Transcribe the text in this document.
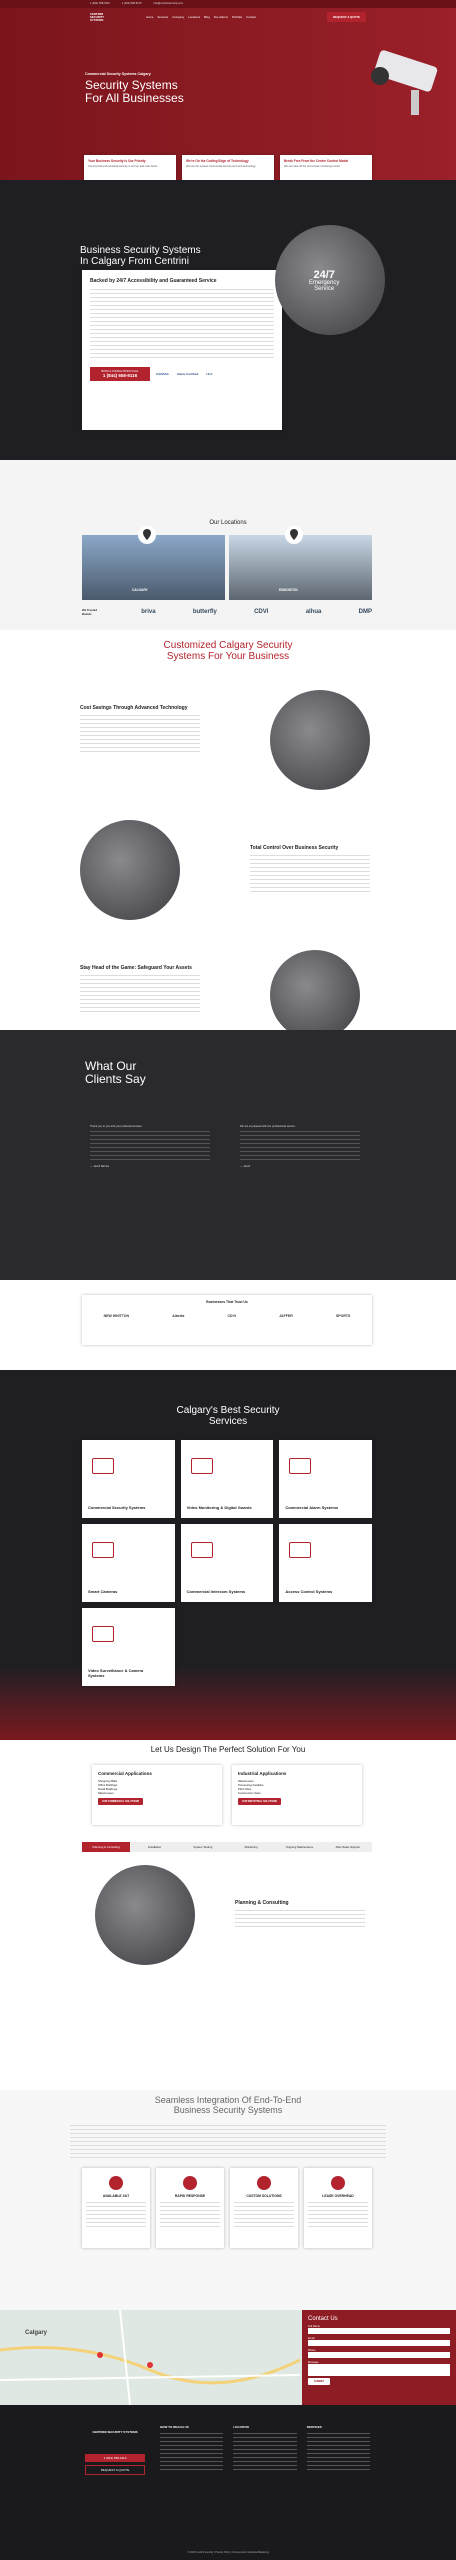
1 (844) 658-9116	1 (403) 808-8178	info@centrinisecurity.com
CENTRINI SECURITY SYSTEMS
Home Services Company Locations Blog Fire Alarms Portfolio Contact	REQUEST A QUOTE
Commercial Security Systems Calgary
Security Systems
For All Businesses
Your Business Security Is Our Priority
Commercial and industrial security is our top and main focus.
We're On the Cutting Edge of Technology
We use the newest commercial security tech and technology.
Break Free From the Centre Control Model
We can take off the old central monitoring model.
Business Security Systems
In Calgary From Centrini
Backed by 24/7 Accessibility and Guaranteed Service
BOOK A CONSULTATION CALL
1 (844) 658-9116	CANASA	Alarm Certified	ULC
24/7
Emergency
Service
Our Locations
CALGARY	EDMONTON
We Trusted Brands	briva	butterfly	CDVI	alhua	DMP
Customized Calgary Security
Systems For Your Business
Cost Savings Through Advanced Technology
Total Control Over Business Security
Stay Head of the Game: Safeguard Your Assets
What Our
Clients Say
Thank you to you and your professional team.
— Jacob Barnes
We are so pleased with the professional service.
— Jacob
Businesses That Trust Us
NEW WHITTON	Alberta	CDVI	JAFFER	SPORTS
Calgary's Best Security
Services
Commercial Security Systems	Video Monitoring & Digital Guards	Commercial Alarm Systems
Smart Cameras	Commercial Intercom Systems	Access Control Systems
Video Surveillance & Camera Systems
Let Us Design The Perfect Solution For You
Commercial Applications
Shopping Malls
Office Buildings
Retail Buildings
Warehouses
OUR COMMERCIAL SOLUTIONS
Industrial Applications
Warehouses
Processing Facilities
Plant Sites
Construction Sites
OUR INDUSTRIAL SOLUTIONS
Planning & Consulting	Installation	System Testing	Monitoring	Ongoing Maintenance	After-Sales Support
Planning & Consulting
Seamless Integration Of End-To-End
Business Security Systems
AVAILABLE 24/7	RAPID RESPONSE	CUSTOM SOLUTIONS	LEASE OVERHEAD
Calgary
Contact Us
Full Name
Email
Phone
Message
SUBMIT
CENTRINI SECURITY SYSTEMS
1 (844) 658-9116
REQUEST A QUOTE
HOW TO REACH US	LOCATION	SERVICES
© 2025 Centrini Security | Privacy Policy | Commercial & Industrial Marketing
